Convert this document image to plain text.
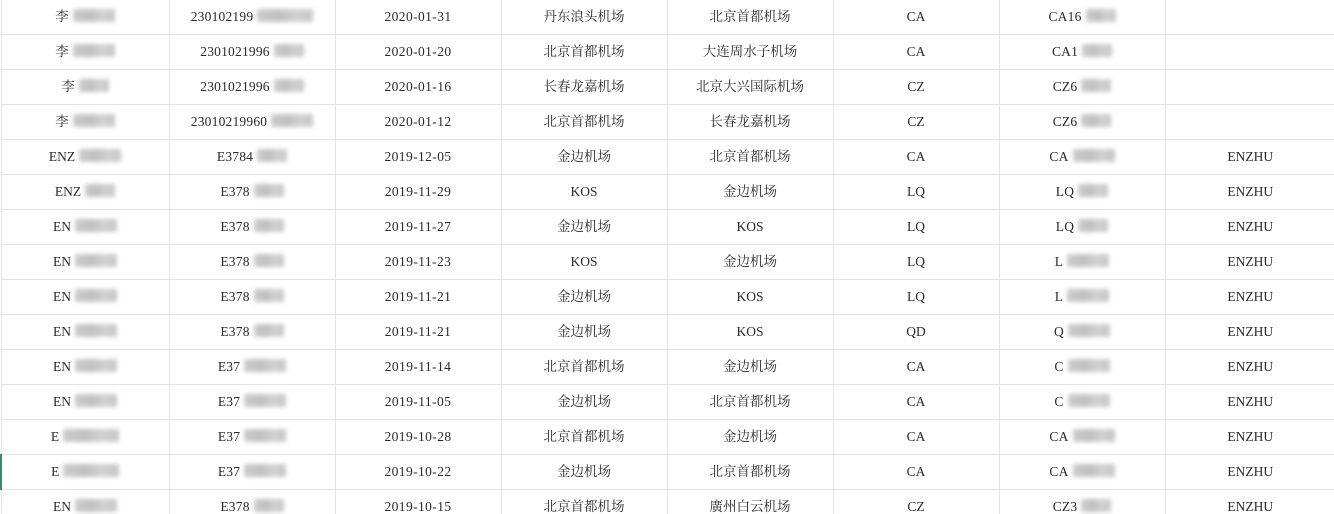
李	230102199	2020-01-31	丹东浪头机场	北京首都机场	CA	CA16	

李	2301021996	2020-01-20	北京首都机场	大连周水子机场	CA	CA1	

李	2301021996	2020-01-16	长春龙嘉机场	北京大兴国际机场	CZ	CZ6	

李	23010219960	2020-01-12	北京首都机场	长春龙嘉机场	CZ	CZ6	

ENZ	E3784	2019-12-05	金边机场	北京首都机场	CA	CA	ENZHU

ENZ	E378	2019-11-29	KOS	金边机场	LQ	LQ	ENZHU

EN	E378	2019-11-27	金边机场	KOS	LQ	LQ	ENZHU

EN	E378	2019-11-23	KOS	金边机场	LQ	L	ENZHU

EN	E378	2019-11-21	金边机场	KOS	LQ	L	ENZHU

EN	E378	2019-11-21	金边机场	KOS	QD	Q	ENZHU

EN	E37	2019-11-14	北京首都机场	金边机场	CA	C	ENZHU

EN	E37	2019-11-05	金边机场	北京首都机场	CA	C	ENZHU

E	E37	2019-10-28	北京首都机场	金边机场	CA	CA	ENZHU

E	E37	2019-10-22	金边机场	北京首都机场	CA	CA	ENZHU

EN	E378	2019-10-15	北京首都机场	廣州白云机场	CZ	CZ3	ENZHU
